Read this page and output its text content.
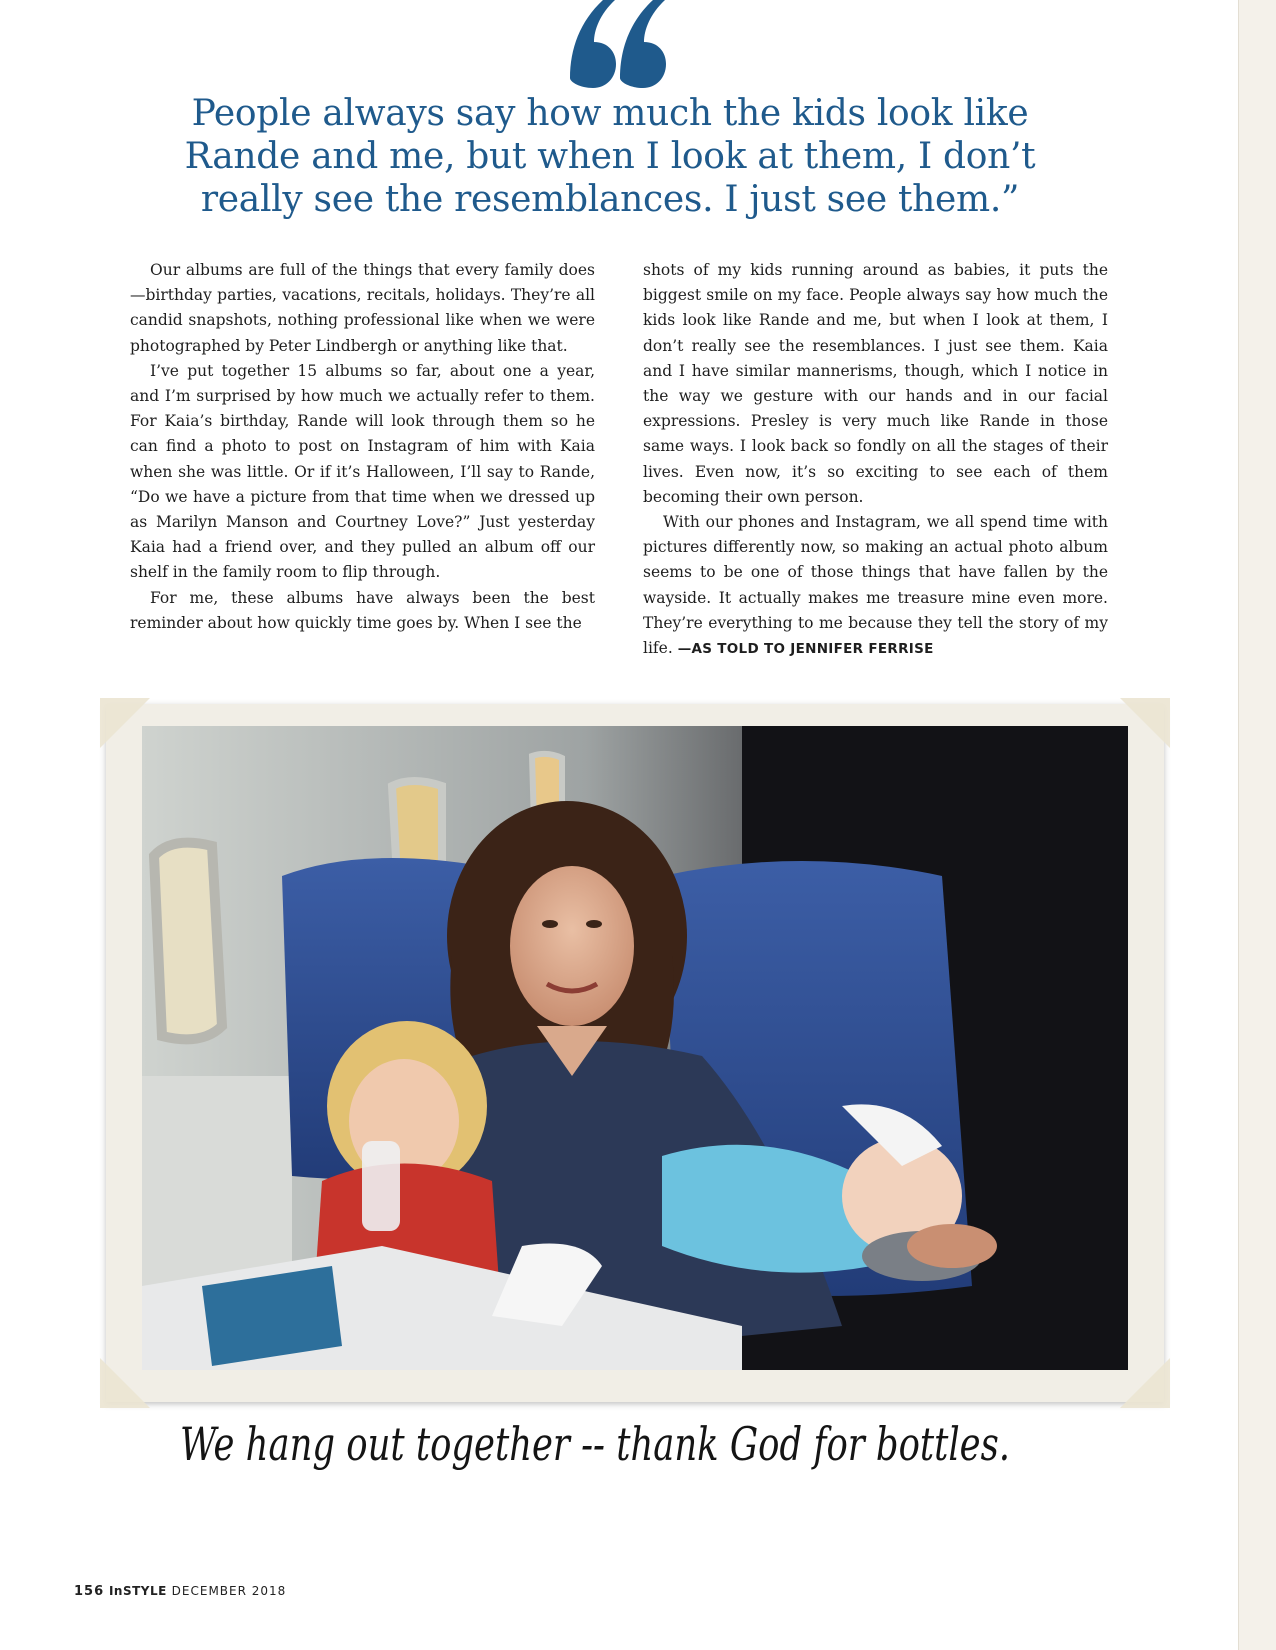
People always say how much the kids look like Rande and me, but when I look at them, I don’t really see the resemblances. I just see them.”

Our albums are full of the things that every family does—birthday parties, vacations, recitals, holidays. They’re all candid snapshots, nothing professional like when we were photographed by Peter Lindbergh or anything like that.

I’ve put together 15 albums so far, about one a year, and I’m surprised by how much we actually refer to them. For Kaia’s birthday, Rande will look through them so he can find a photo to post on Instagram of him with Kaia when she was little. Or if it’s Halloween, I’ll say to Rande, “Do we have a picture from that time when we dressed up as Marilyn Manson and Courtney Love?” Just yesterday Kaia had a friend over, and they pulled an album off our shelf in the family room to flip through.

For me, these albums have always been the best reminder about how quickly time goes by. When I see the

shots of my kids running around as babies, it puts the biggest smile on my face. People always say how much the kids look like Rande and me, but when I look at them, I don’t really see the resemblances. I just see them. Kaia and I have similar mannerisms, though, which I notice in the way we gesture with our hands and in our facial expressions. Presley is very much like Rande in those same ways. I look back so fondly on all the stages of their lives. Even now, it’s so exciting to see each of them becoming their own person.

With our phones and Instagram, we all spend time with pictures differently now, so making an actual photo album seems to be one of those things that have fallen by the wayside. It actually makes me treasure mine even more. They’re everything to me because they tell the story of my life. —AS TOLD TO JENNIFER FERRISE

We hang out together -- thank God for bottles.
156 InSTYLE DECEMBER 2018
